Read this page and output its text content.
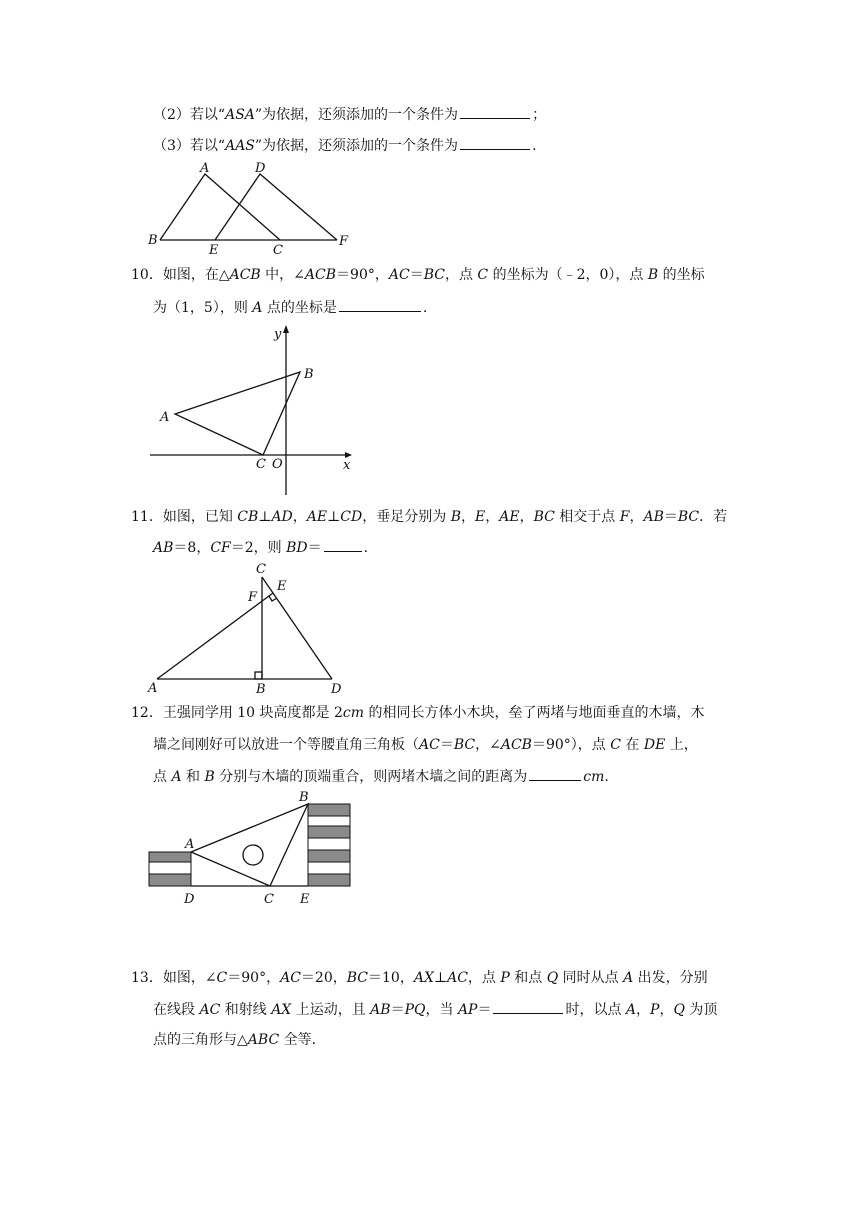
（2）若以“ASA”为依据，还须添加的一个条件为	；
（3）若以“AAS”为依据，还须添加的一个条件为	.
A
B
C
D
E
F
10．如图，在△ACB 中，∠ACB＝90°，AC＝BC，点 C 的坐标为（﹣2，0），点 B 的坐标
为（1，5），则 A 点的坐标是	.
y
x
A
B
C O
11．如图，已知 CB⊥AD，AE⊥CD，垂足分别为 B，E，AE，BC 相交于点 F，AB＝BC．若
AB＝8，CF＝2，则 BD＝	.
C
E
F
A	B	D
12．王强同学用 10 块高度都是 2cm 的相同长方体小木块，垒了两堵与地面垂直的木墙，木
墙之间刚好可以放进一个等腰直角三角板（AC＝BC，∠ACB＝90°），点 C 在 DE 上，
点 A 和 B 分别与木墙的顶端重合，则两堵木墙之间的距离为	cm.
A
B
C
D	E
13．如图，∠C＝90°，AC＝20，BC＝10，AX⊥AC，点 P 和点 Q 同时从点 A 出发，分别
在线段 AC 和射线 AX 上运动，且 AB＝PQ，当 AP＝	时，以点 A，P，Q 为顶
点的三角形与△ABC 全等．
